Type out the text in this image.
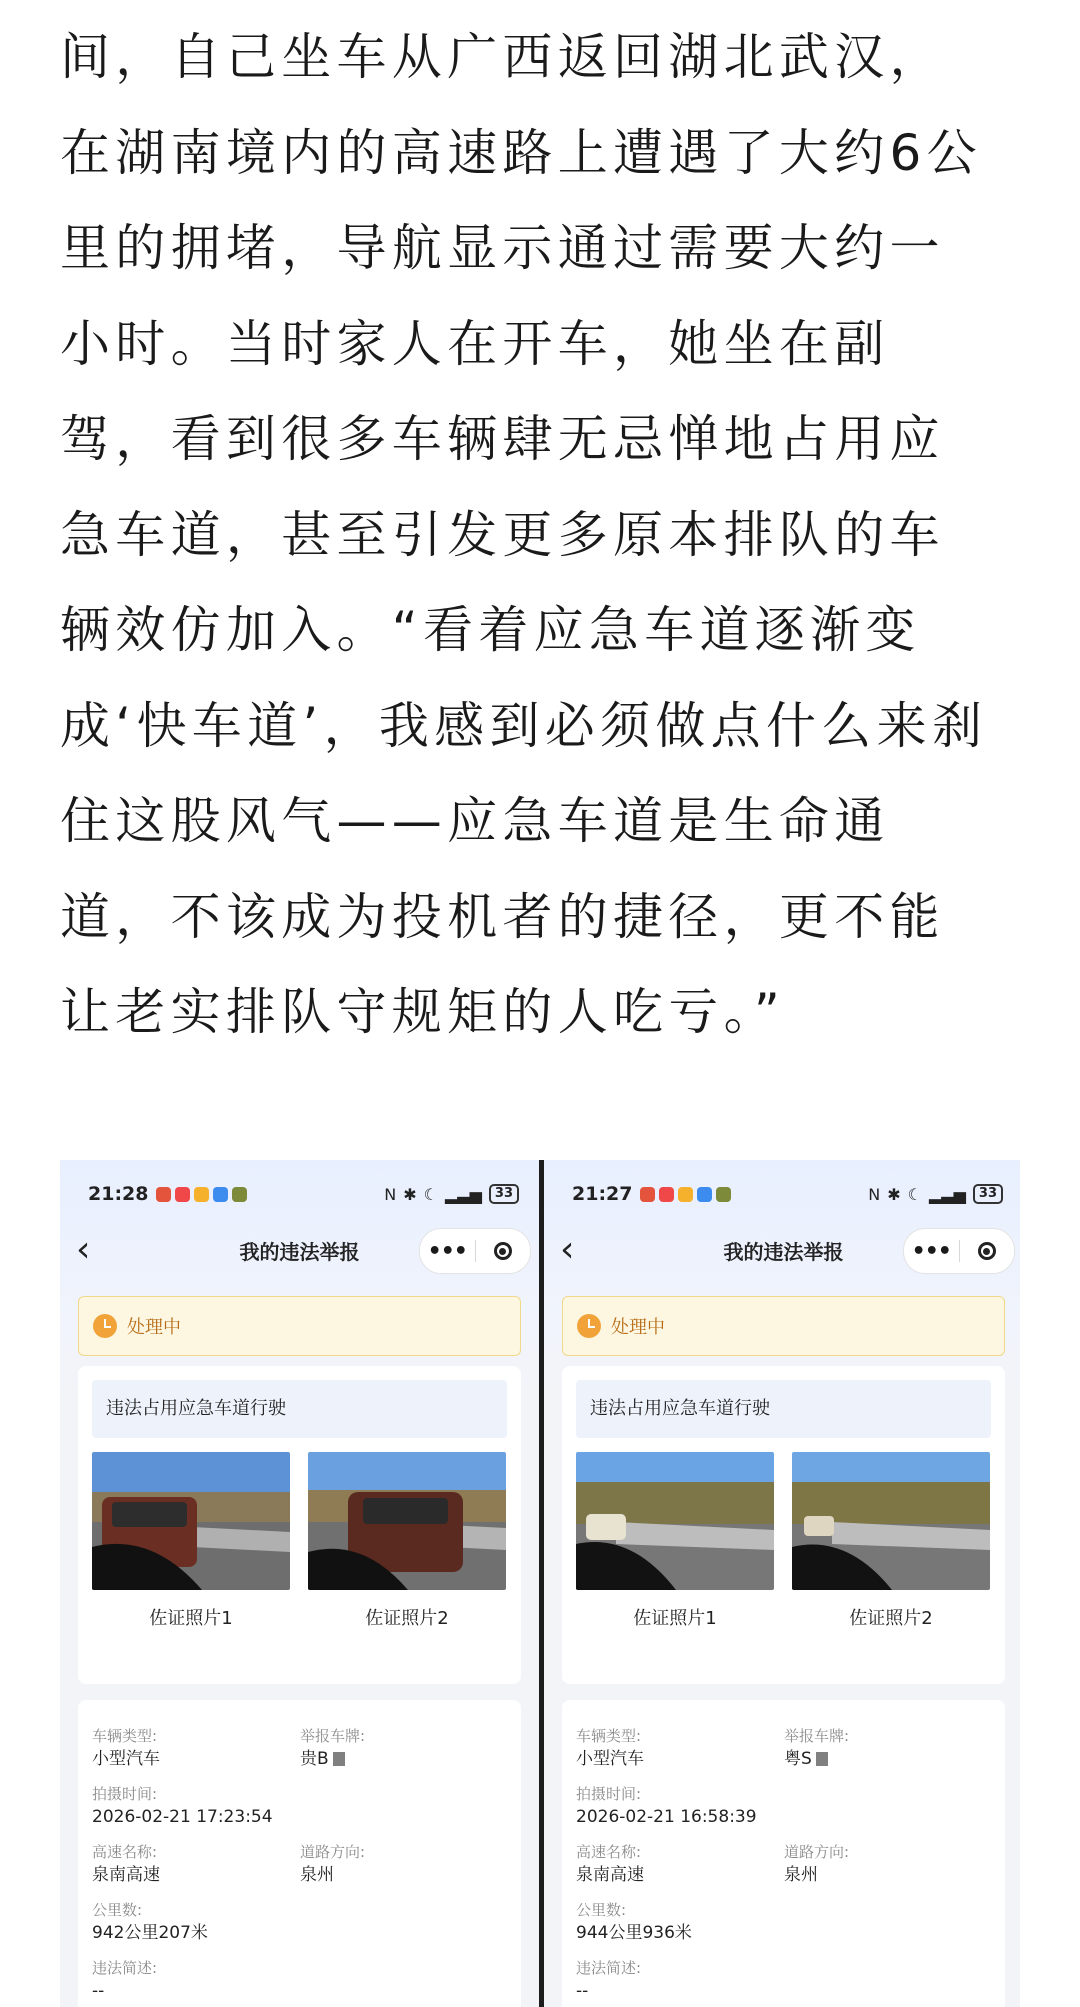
间，自己坐车从广西返回湖北武汉，
在湖南境内的高速路上遭遇了大约6公
里的拥堵，导航显示通过需要大约一
小时。当时家人在开车，她坐在副
驾，看到很多车辆肆无忌惮地占用应
急车道，甚至引发更多原本排队的车
辆效仿加入。“看着应急车道逐渐变
成‘快车道’，我感到必须做点什么来刹
住这股风气——应急车道是生命通
道，不该成为投机者的捷径，更不能
让老实排队守规矩的人吃亏。”
21:28	N ✱ ☾ ▂▃▅	33
‹	我的违法举报	•••
处理中
违法占用应急车道行驶
佐证照片1	佐证照片2
车辆类型:
小型汽车
举报车牌:
贵B
拍摄时间:
2026-02-21 17:23:54
高速名称:
泉南高速
道路方向:
泉州
公里数:
942公里207米
违法简述:
--
21:27	N ✱ ☾ ▂▃▅	33
‹	我的违法举报	•••
处理中
违法占用应急车道行驶
佐证照片1	佐证照片2
车辆类型:
小型汽车
举报车牌:
粤S
拍摄时间:
2026-02-21 16:58:39
高速名称:
泉南高速
道路方向:
泉州
公里数:
944公里936米
违法简述:
--
